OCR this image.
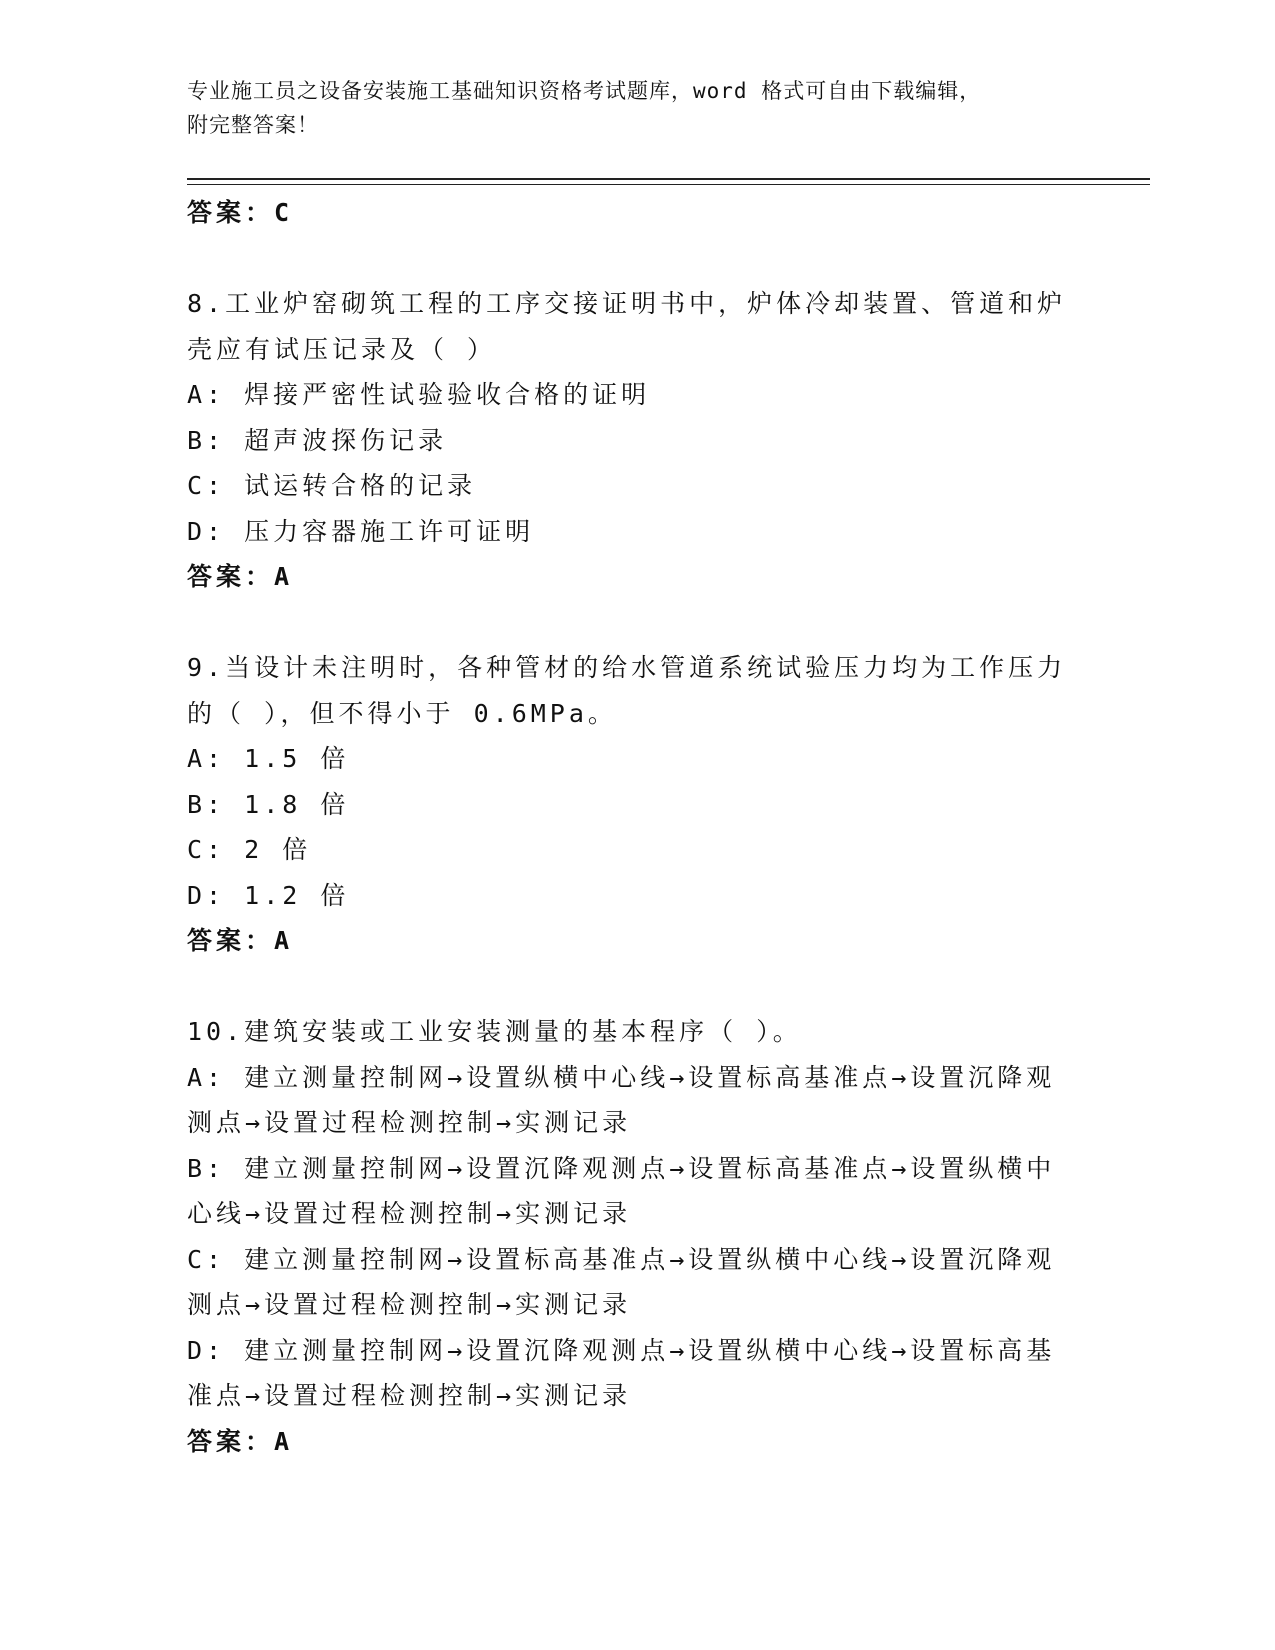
专业施工员之设备安装施工基础知识资格考试题库，word 格式可自由下载编辑，
附完整答案！
答案：C
8.工业炉窑砌筑工程的工序交接证明书中，炉体冷却装置、管道和炉
壳应有试压记录及（ ）
A: 焊接严密性试验验收合格的证明
B: 超声波探伤记录
C: 试运转合格的记录
D: 压力容器施工许可证明
答案：A
9.当设计未注明时，各种管材的给水管道系统试验压力均为工作压力
的（ ），但不得小于 0.6MPa。
A: 1.5 倍
B: 1.8 倍
C: 2 倍
D: 1.2 倍
答案：A
10.建筑安装或工业安装测量的基本程序（ ）。
A: 建立测量控制网→设置纵横中心线→设置标高基准点→设置沉降观
测点→设置过程检测控制→实测记录
B: 建立测量控制网→设置沉降观测点→设置标高基准点→设置纵横中
心线→设置过程检测控制→实测记录
C: 建立测量控制网→设置标高基准点→设置纵横中心线→设置沉降观
测点→设置过程检测控制→实测记录
D: 建立测量控制网→设置沉降观测点→设置纵横中心线→设置标高基
准点→设置过程检测控制→实测记录
答案：A
